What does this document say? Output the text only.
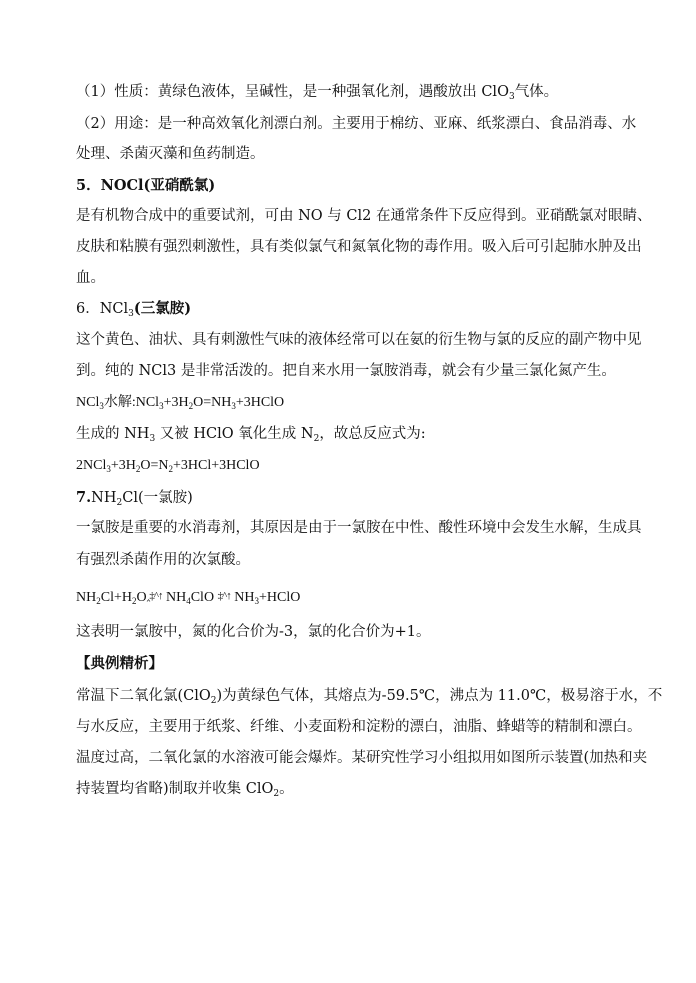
（1）性质：黄绿色液体，呈碱性，是一种强氧化剂，遇酸放出 ClO$_3$气体。
（2）用途：是一种高效氧化剂漂白剂。主要用于棉纺、亚麻、纸浆漂白、食品消毒、水
处理、杀菌灭藻和鱼药制造。
5．NOCl(亚硝酰氯)
是有机物合成中的重要试剂，可由 NO 与 Cl2 在通常条件下反应得到。亚硝酰氯对眼睛、
皮肤和粘膜有强烈刺激性，具有类似氯气和氮氧化物的毒作用。吸入后可引起肺水肿及出
血。
6．NCl$_3$(三氯胺)
这个黄色、油状、具有刺激性气味的液体经常可以在氨的衍生物与氯的反应的副产物中见
到。纯的 NCl3 是非常活泼的。把自来水用一氯胺消毒，就会有少量三氯化氮产生。
NCl$_3$水解$:NCl_3+3H_2O=NH_3+3HClO$
生成的 $NH_3$ 又被 HClO 氧化生成 $N_2$，故总反应式为:
$2NCl_3+3H_2O=N_2+3HCl+3HClO$
$7.NH_2Cl$(一氯胺)
一氯胺是重要的水消毒剂，其原因是由于一氯胺在中性、酸性环境中会发生水解，生成具
有强烈杀菌作用的次氯酸。
$NH_2Cl+H_2O‸\ddagger\^{}↑$ $NH_4ClO$ ‡^↑ $NH_3+HClO$
这表明一氯胺中，氮的化合价为-3，氯的化合价为+1。
【典例精析】
常温下二氧化氯(ClO$_2$)为黄绿色气体，其熔点为-59.5℃，沸点为 11.0℃，极易溶于水，不
与水反应，主要用于纸浆、纤维、小麦面粉和淀粉的漂白，油脂、蜂蜡等的精制和漂白。
温度过高，二氧化氯的水溶液可能会爆炸。某研究性学习小组拟用如图所示装置(加热和夹
持装置均省略)制取并收集 ClO$_2$。
